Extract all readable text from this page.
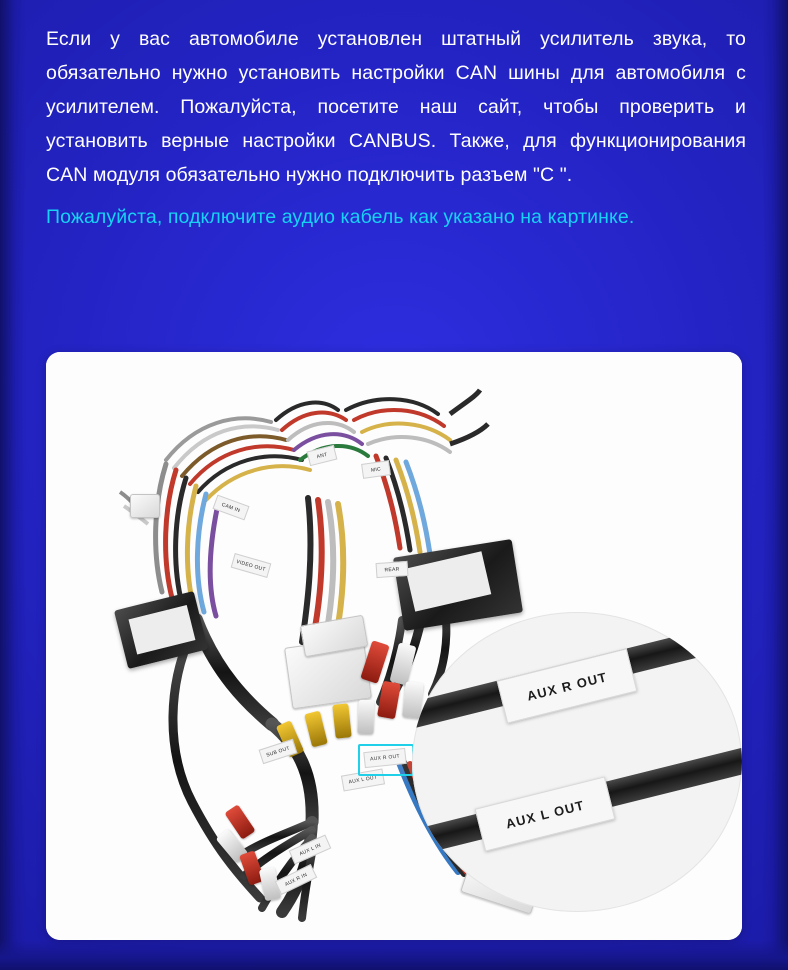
Если у вас автомобиле установлен штатный усилитель звука, то обязательно нужно установить настройки CAN шины для автомобиля с усилителем. Пожалуйста, посетите наш сайт, чтобы проверить и установить верные настройки CANBUS. Также, для функционирования CAN модуля обязательно нужно подключить разъем "C ".

Пожалуйста, подключите аудио кабель как указано на картинке.

AUX R OUT
AUX L OUT
AUX L IN
AUX R IN
SUB OUT
CAM IN
VIDEO OUT
MIC
ANT
REAR
AUX R OUT
AUX L OUT
